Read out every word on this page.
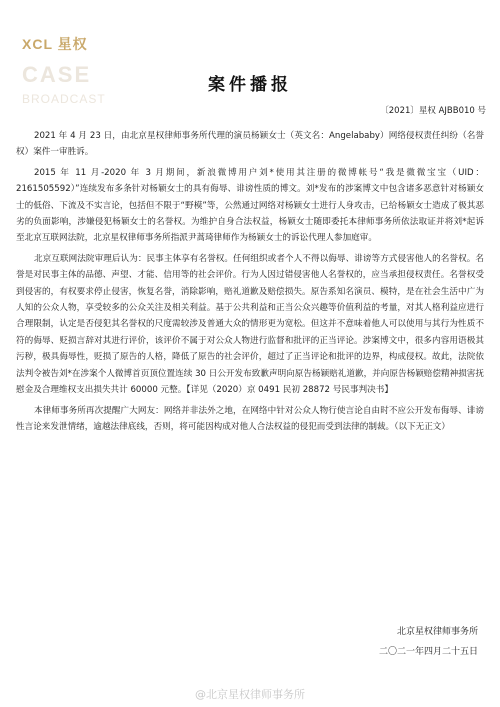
XCL 星权
CASE
BROADCAST
案件播报
〔2021〕星权 AJBB010 号

2021 年 4 月 23 日，由北京星权律师事务所代理的演员杨颖女士（英文名：Angelababy）网络侵权责任纠纷（名誉权）案件一审胜诉。

2015 年 11 月-2020 年 3 月期间，新浪微博用户刘*使用其注册的微博帐号“我是微微宝宝（UID：2161505592）”连续发布多条针对杨颖女士的具有侮辱、诽谤性质的博文。刘*发布的涉案博文中包含诸多恶意针对杨颖女士的低俗、下流及不实言论，包括但不限于“野模”等，公然通过网络对杨颖女士进行人身攻击，已给杨颖女士造成了极其恶劣的负面影响，涉嫌侵犯杨颖女士的名誉权。为维护自身合法权益，杨颖女士随即委托本律师事务所依法取证并将刘*起诉至北京互联网法院，北京星权律师事务所指派尹蒿琦律师作为杨颖女士的诉讼代理人参加庭审。

北京互联网法院审理后认为：民事主体享有名誉权。任何组织或者个人不得以侮辱、诽谤等方式侵害他人的名誉权。名誉是对民事主体的品德、声望、才能、信用等的社会评价。行为人因过错侵害他人名誉权的，应当承担侵权责任。名誉权受到侵害的，有权要求停止侵害，恢复名誉，消除影响，赔礼道歉及赔偿损失。原告系知名演员、模特，是在社会生活中广为人知的公众人物，享受较多的公众关注及相关利益。基于公共利益和正当公众兴趣等价值利益的考量，对其人格利益应进行合理限制，认定是否侵犯其名誉权的尺度需较涉及普通大众的情形更为宽松。但这并不意味着他人可以使用与其行为性质不符的侮辱、贬损言辞对其进行评价，该评价不属于对公众人物进行监督和批评的正当评论。涉案博文中，很多内容用语极其污秽，极具侮辱性，贬损了原告的人格，降低了原告的社会评价，超过了正当评论和批评的边界，构成侵权。故此，法院依法判令被告刘*在涉案个人微博首页顶位置连续 30 日公开发布致歉声明向原告杨颖赔礼道歉，并向原告杨颖赔偿精神损害抚慰金及合理维权支出损失共计 60000 元整。【详见（2020）京 0491 民初 28872 号民事判决书】

本律师事务所再次提醒广大网友：网络并非法外之地，在网络中针对公众人物行使言论自由时不应公开发布侮辱、诽谤性言论来发泄情绪，逾越法律底线，否则，将可能因构成对他人合法权益的侵犯而受到法律的制裁。（以下无正文）

北京星权律师事务所
二〇二一年四月二十五日
@北京星权律师事务所
